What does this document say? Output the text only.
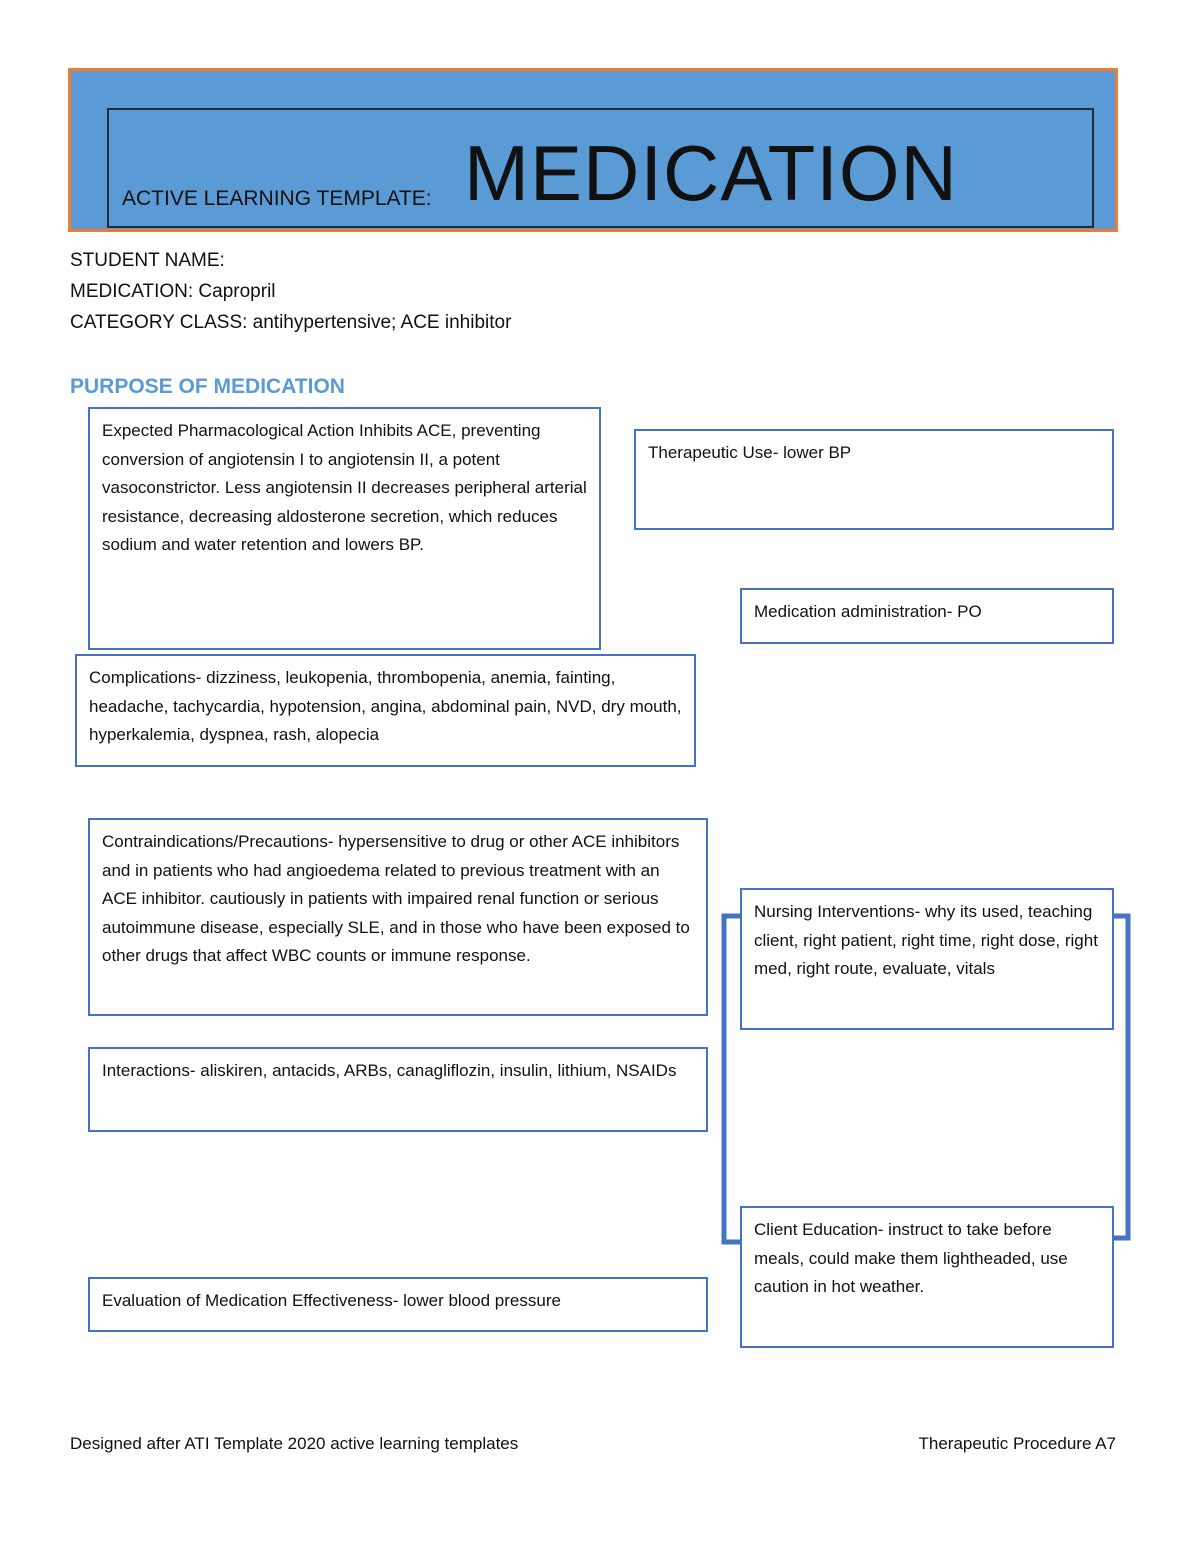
ACTIVE LEARNING TEMPLATE: MEDICATION
STUDENT NAME:
MEDICATION: Capropril
CATEGORY CLASS: antihypertensive; ACE inhibitor
PURPOSE OF MEDICATION
Expected Pharmacological Action Inhibits ACE, preventing conversion of angiotensin I to angiotensin II, a potent vasoconstrictor. Less angiotensin II decreases peripheral arterial resistance, decreasing aldosterone secretion, which reduces sodium and water retention and lowers BP.
Therapeutic Use- lower BP
Medication administration- PO
Complications- dizziness, leukopenia, thrombopenia, anemia, fainting, headache, tachycardia, hypotension, angina, abdominal pain, NVD, dry mouth, hyperkalemia, dyspnea, rash, alopecia
Contraindications/Precautions- hypersensitive to drug or other ACE inhibitors and in patients who had angioedema related to previous treatment with an ACE inhibitor. cautiously in patients with impaired renal function or serious autoimmune disease, especially SLE, and in those who have been exposed to other drugs that affect WBC counts or immune response.
Interactions- aliskiren, antacids, ARBs, canagliflozin, insulin, lithium, NSAIDs
Evaluation of Medication Effectiveness- lower blood pressure
Nursing Interventions- why its used, teaching client, right patient, right time, right dose, right med, right route, evaluate, vitals
Client Education- instruct to take before meals, could make them lightheaded, use caution in hot weather.
Designed after ATI Template 2020 active learning templates	Therapeutic Procedure A7
